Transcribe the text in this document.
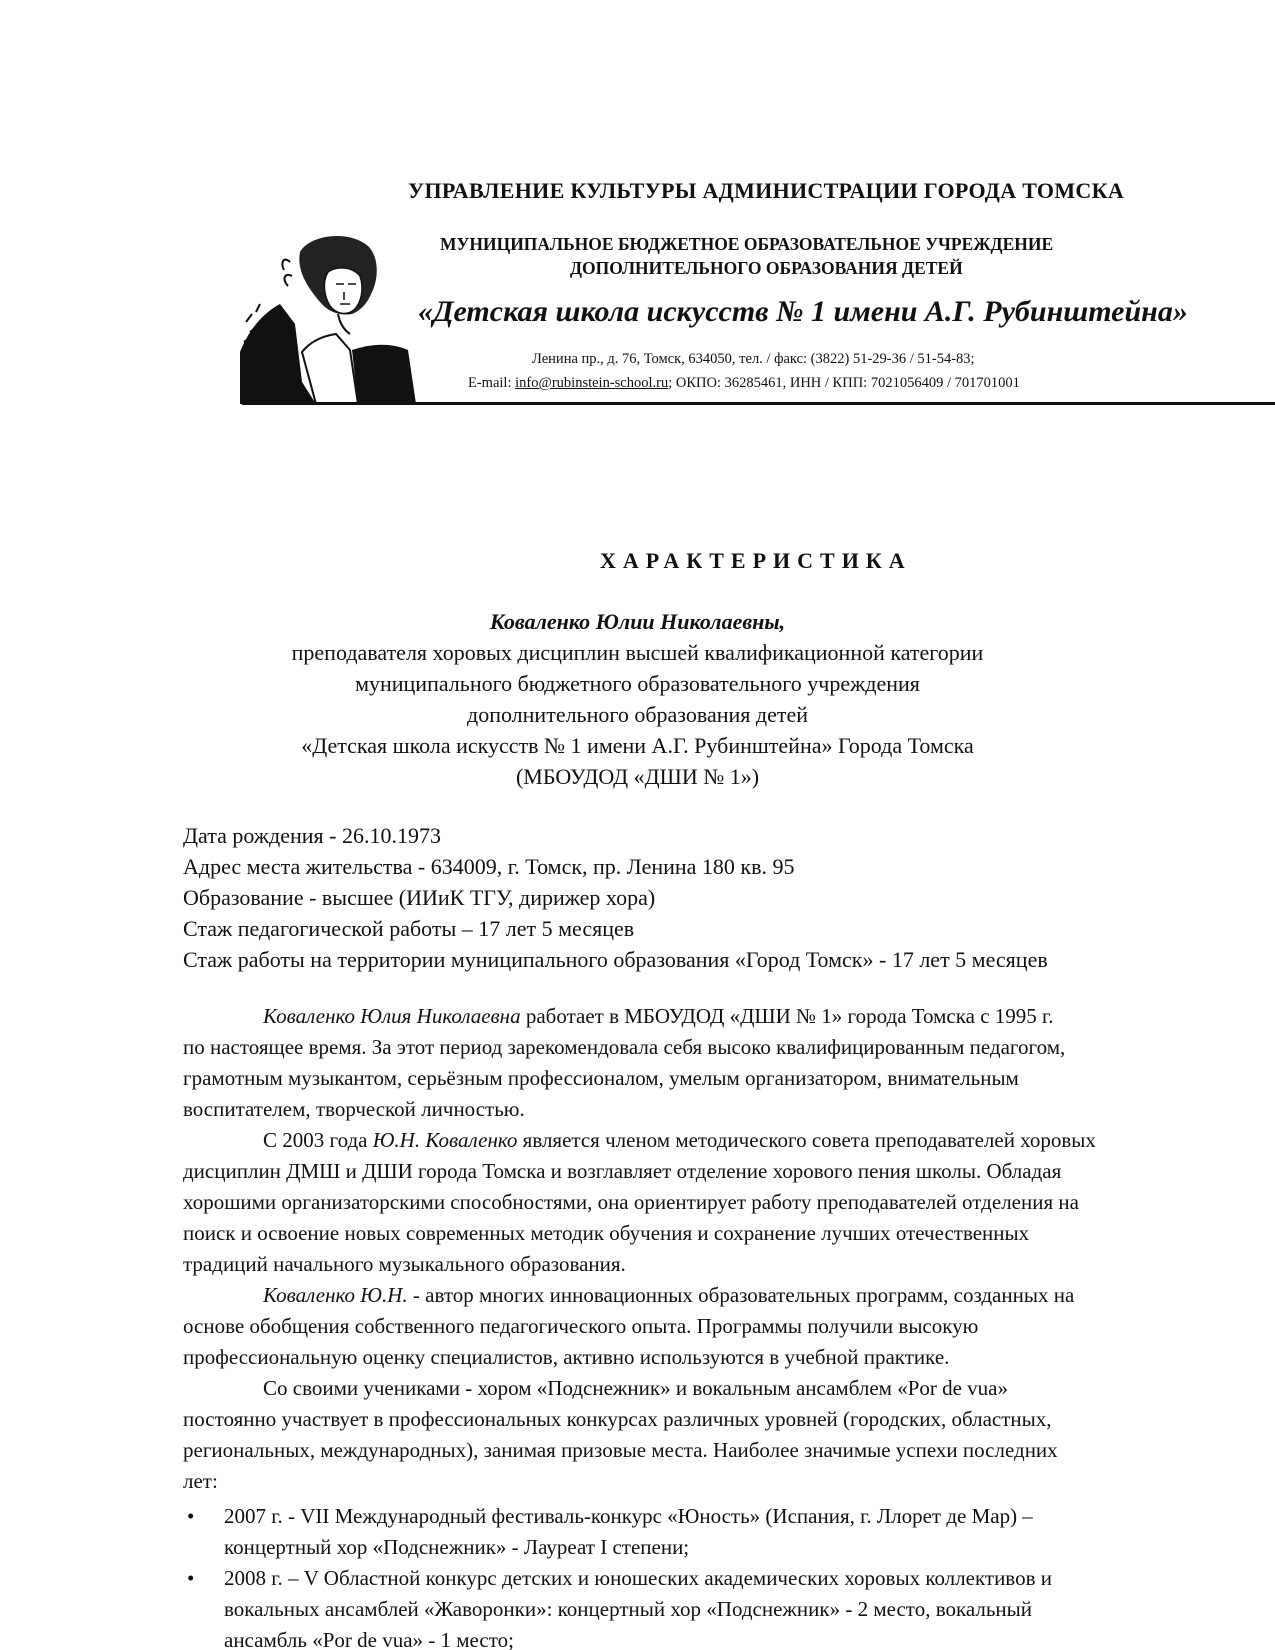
УПРАВЛЕНИЕ КУЛЬТУРЫ АДМИНИСТРАЦИИ ГОРОДА ТОМСКА
МУНИЦИПАЛЬНОЕ БЮДЖЕТНОЕ ОБРАЗОВАТЕЛЬНОЕ УЧРЕЖДЕНИЕ
ДОПОЛНИТЕЛЬНОГО ОБРАЗОВАНИЯ ДЕТЕЙ
«Детская школа искусств № 1 имени А.Г. Рубинштейна»
Ленина пр., д. 76, Томск, 634050, тел. / факс: (3822) 51-29-36 / 51-54-83;
E-mail: info@rubinstein-school.ru; ОКПО: 36285461, ИНН / КПП: 7021056409 / 701701001
ХАРАКТЕРИСТИКА
Коваленко Юлии Николаевны,
преподавателя хоровых дисциплин высшей квалификационной категории
муниципального бюджетного образовательного учреждения
дополнительного образования детей
«Детская школа искусств № 1 имени А.Г. Рубинштейна» Города Томска
(МБОУДОД «ДШИ № 1»)
Дата рождения - 26.10.1973
Адрес места жительства - 634009, г. Томск, пр. Ленина 180 кв. 95
Образование - высшее (ИИиК ТГУ, дирижер хора)
Стаж педагогической работы – 17 лет 5 месяцев
Стаж работы на территории муниципального образования «Город Томск» - 17 лет 5 месяцев

Коваленко Юлия Николаевна работает в МБОУДОД «ДШИ № 1» города Томска с 1995 г.

по настоящее время. За этот период зарекомендовала себя высоко квалифицированным педагогом,

грамотным музыкантом, серьёзным профессионалом, умелым организатором, внимательным

воспитателем, творческой личностью.

С 2003 года Ю.Н. Коваленко является членом методического совета преподавателей хоровых

дисциплин ДМШ и ДШИ города Томска и возглавляет отделение хорового пения школы. Обладая

хорошими организаторскими способностями, она ориентирует работу преподавателей отделения на

поиск и освоение новых современных методик обучения и сохранение лучших отечественных

традиций начального музыкального образования.

Коваленко Ю.Н. - автор многих инновационных образовательных программ, созданных на

основе обобщения собственного педагогического опыта. Программы получили высокую

профессиональную оценку специалистов, активно используются в учебной практике.

Со своими учениками - хором «Подснежник» и вокальным ансамблем «Por de vua»

постоянно участвует в профессиональных конкурсах различных уровней (городских, областных,

региональных, международных), занимая призовые места. Наиболее значимые успехи последних

лет:

• 2007 г. - VII Международный фестиваль-конкурс «Юность» (Испания, г. Ллорет де Мар) –
концертный хор «Подснежник» - Лауреат I степени;
• 2008 г. – V Областной конкурс детских и юношеских академических хоровых коллективов и
вокальных ансамблей «Жаворонки»: концертный хор «Подснежник» - 2 место, вокальный
ансамбль «Por de vua» - 1 место;
